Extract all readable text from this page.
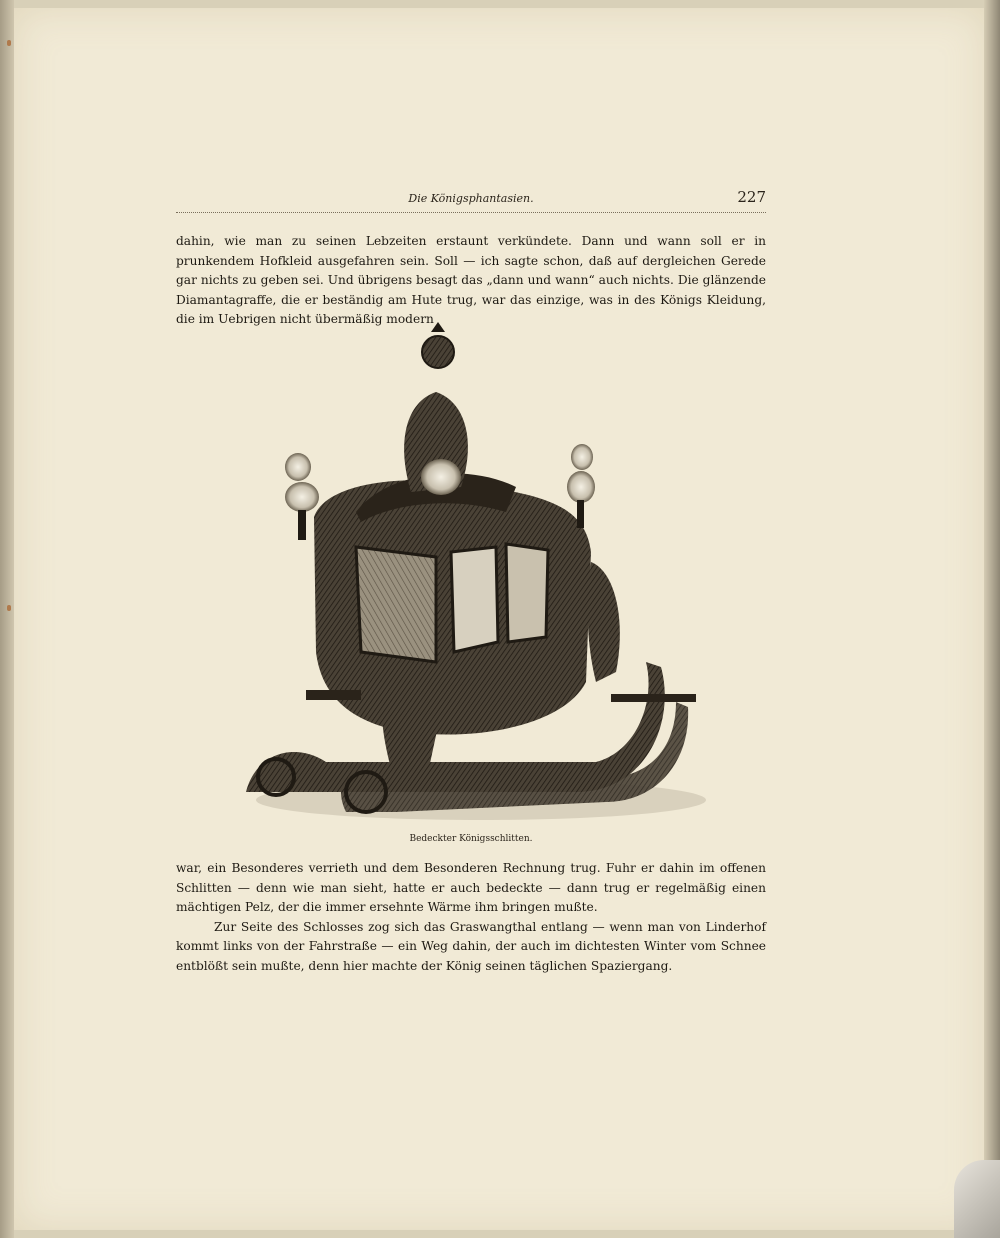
Die Königsphantasien.	227

dahin, wie man zu seinen Lebzeiten erstaunt verkündete. Dann und wann soll er in prunkendem Hofkleid ausgefahren sein. Soll — ich sagte schon, daß auf dergleichen Gerede gar nichts zu geben sei. Und übrigens besagt das „dann und wann“ auch nichts. Die glänzende Diamantagraffe, die er beständig am Hute trug, war das einzige, was in des Königs Kleidung, die im Uebrigen nicht übermäßig modern

Bedeckter Königsschlitten.

war, ein Besonderes verrieth und dem Besonderen Rechnung trug. Fuhr er dahin im offenen Schlitten — denn wie man sieht, hatte er auch bedeckte — dann trug er regelmäßig einen mächtigen Pelz, der die immer ersehnte Wärme ihm bringen mußte.

Zur Seite des Schlosses zog sich das Graswangthal entlang — wenn man von Linderhof kommt links von der Fahrstraße — ein Weg dahin, der auch im dichtesten Winter vom Schnee entblößt sein mußte, denn hier machte der König seinen täglichen Spaziergang.
